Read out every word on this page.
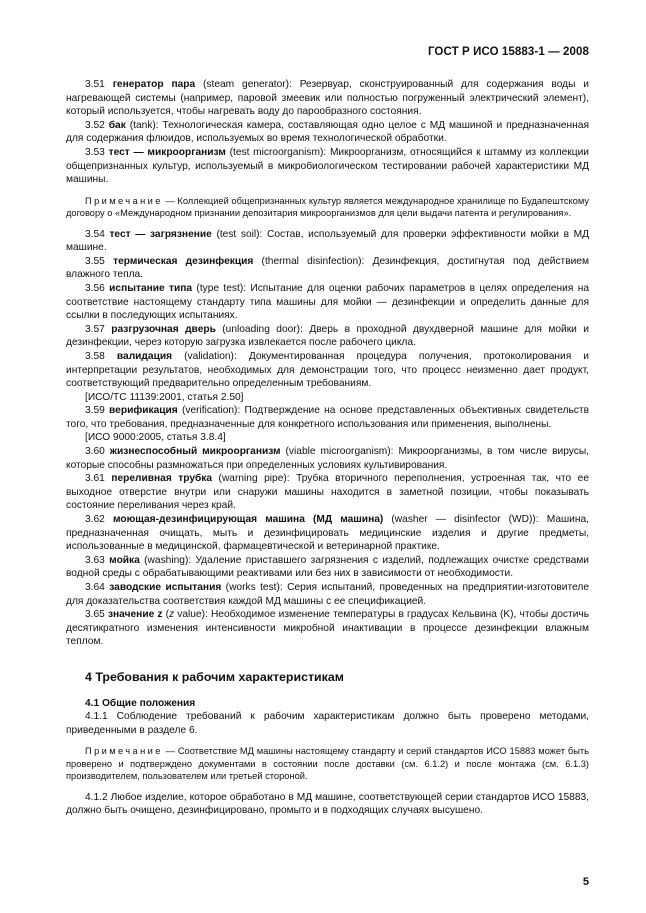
ГОСТ Р ИСО 15883-1 — 2008

3.51 генератор пара (steam generator): Резервуар, сконструированный для содержания воды и нагревающей системы (например, паровой змеевик или полностью погруженный электрический элемент), который используется, чтобы нагревать воду до парообразного состояния.

3.52 бак (tank): Технологическая камера, составляющая одно целое с МД машиной и предназначенная для содержания флюидов, используемых во время технологической обработки.

3.53 тест — микроорганизм (test microorganism): Микроорганизм, относящийся к штамму из коллекции общепризнанных культур, используемый в микробиологическом тестировании рабочей характеристики МД машины.

Примечание — Коллекцией общепризнанных культур является международное хранилище по Будапештскому договору о «Международном признании депозитария микроорганизмов для цели выдачи патента и регулирования».

3.54 тест — загрязнение (test soil): Состав, используемый для проверки эффективности мойки в МД машине.

3.55 термическая дезинфекция (thermal disinfection): Дезинфекция, достигнутая под действием влажного тепла.

3.56 испытание типа (type test): Испытание для оценки рабочих параметров в целях определения на соответствие настоящему стандарту типа машины для мойки — дезинфекции и определить данные для ссылки в последующих испытаниях.

3.57 разгрузочная дверь (unloading door): Дверь в проходной двухдверной машине для мойки и дезинфекции, через которую загрузка извлекается после рабочего цикла.

3.58 валидация (validation): Документированная процедура получения, протоколирования и интерпретации результатов, необходимых для демонстрации того, что процесс неизменно дает продукт, соответствующий предварительно определенным требованиям.

[ИСО/ТС 11139:2001, статья 2.50]

3.59 верификация (verification): Подтверждение на основе представленных объективных свидетельств того, что требования, предназначенные для конкретного использования или применения, выполнены.

[ИСО 9000:2005, статья 3.8.4]

3.60 жизнеспособный микроорганизм (viable microorganism): Микроорганизмы, в том числе вирусы, которые способны размножаться при определенных условиях культивирования.

3.61 переливная трубка (warning pipe): Трубка вторичного переполнения, устроенная так, что ее выходное отверстие внутри или снаружи машины находится в заметной позиции, чтобы показывать состояние переливания через край.

3.62 моющая-дезинфицирующая машина (МД машина) (washer — disinfector (WD)): Машина, предназначенная очищать, мыть и дезинфицировать медицинские изделия и другие предметы, использованные в медицинской, фармацевтической и ветеринарной практике.

3.63 мойка (washing): Удаление приставшего загрязнения с изделий, подлежащих очистке средствами водной среды с обрабатывающими реактивами или без них в зависимости от необходимости.

3.64 заводские испытания (works test): Серия испытаний, проведенных на предприятии-изготовителе для доказательства соответствия каждой МД машины с ее спецификацией.

3.65 значение z (z value): Необходимое изменение температуры в градусах Кельвина (K), чтобы достичь десятикратного изменения интенсивности микробной инактивации в процессе дезинфекции влажным теплом.

4 Требования к рабочим характеристикам
4.1 Общие положения

4.1.1 Соблюдение требований к рабочим характеристикам должно быть проверено методами, приведенными в разделе 6.

Примечание — Соответствие МД машины настоящему стандарту и серий стандартов ИСО 15883 может быть проверено и подтверждено документами в состоянии после доставки (см. 6.1.2) и после монтажа (см. 6.1.3) производителем, пользователем или третьей стороной.

4.1.2 Любое изделие, которое обработано в МД машине, соответствующей серии стандартов ИСО 15883, должно быть очищено, дезинфицировано, промыто и в подходящих случаях высушено.

5
